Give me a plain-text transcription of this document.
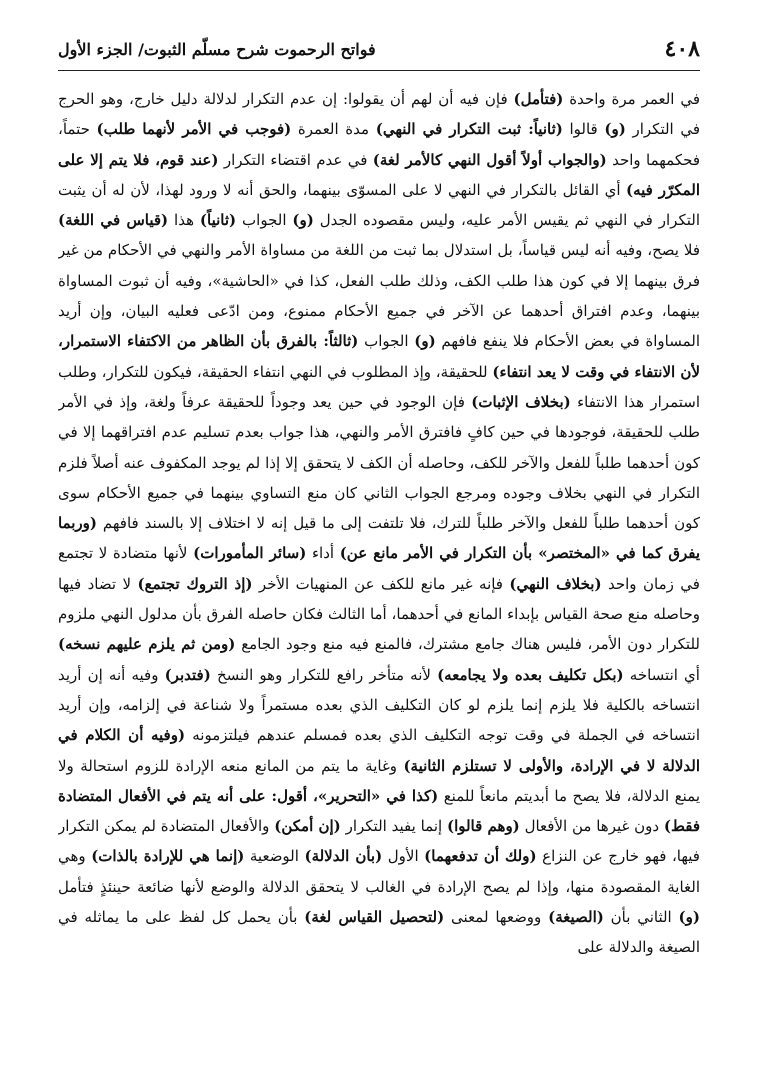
٤٠٨
فواتح الرحموت شرح مسلّم الثبوت/ الجزء الأول

في العمر مرة واحدة (فتأمل) فإن فيه أن لهم أن يقولوا: إن عدم التكرار لدلالة دليل خارج، وهو الحرج في التكرار (و) قالوا (ثانياً: ثبت التكرار في النهي) مدة العمرة (فوجب في الأمر لأنهما طلب) حتماً، فحكمهما واحد (والجواب أولاً أقول النهي كالأمر لغة) في عدم اقتضاء التكرار (عند قوم، فلا يتم إلا على المكرّر فيه) أي القائل بالتكرار في النهي لا على المسوّى بينهما، والحق أنه لا ورود لهذا، لأن له أن يثبت التكرار في النهي ثم يقيس الأمر عليه، وليس مقصوده الجدل (و) الجواب (ثانياً) هذا (قياس في اللغة) فلا يصح، وفيه أنه ليس قياساً، بل استدلال بما ثبت من اللغة من مساواة الأمر والنهي في الأحكام من غير فرق بينهما إلا في كون هذا طلب الكف، وذلك طلب الفعل، كذا في «الحاشية»، وفيه أن ثبوت المساواة بينهما، وعدم افتراق أحدهما عن الآخر في جميع الأحكام ممنوع، ومن ادّعى فعليه البيان، وإن أريد المساواة في بعض الأحكام فلا ينفع فافهم (و) الجواب (ثالثاً: بالفرق بأن الظاهر من الاكتفاء الاستمرار، لأن الانتفاء في وقت لا يعد انتفاء) للحقيقة، وإذ المطلوب في النهي انتفاء الحقيقة، فيكون للتكرار، وطلب استمرار هذا الانتفاء (بخلاف الإثبات) فإن الوجود في حين يعد وجوداً للحقيقة عرفاً ولغة، وإذ في الأمر طلب للحقيقة، فوجودها في حين كافٍ فافترق الأمر والنهي، هذا جواب بعدم تسليم عدم افتراقهما إلا في كون أحدهما طلباً للفعل والآخر للكف، وحاصله أن الكف لا يتحقق إلا إذا لم يوجد المكفوف عنه أصلاً فلزم التكرار في النهي بخلاف وجوده ومرجع الجواب الثاني كان منع التساوي بينهما في جميع الأحكام سوى كون أحدهما طلباً للفعل والآخر طلباً للترك، فلا تلتفت إلى ما قيل إنه لا اختلاف إلا بالسند فافهم (وربما يفرق كما في «المختصر» بأن التكرار في الأمر مانع عن) أداء (سائر المأمورات) لأنها متضادة لا تجتمع في زمان واحد (بخلاف النهي) فإنه غير مانع للكف عن المنهيات الأخر (إذ التروك تجتمع) لا تضاد فيها وحاصله منع صحة القياس بإبداء المانع في أحدهما، أما الثالث فكان حاصله الفرق بأن مدلول النهي ملزوم للتكرار دون الأمر، فليس هناك جامع مشترك، فالمنع فيه منع وجود الجامع (ومن ثم يلزم عليهم نسخه) أي انتساخه (بكل تكليف بعده ولا يجامعه) لأنه متأخر رافع للتكرار وهو النسخ (فتدبر) وفيه أنه إن أريد انتساخه بالكلية فلا يلزم إنما يلزم لو كان التكليف الذي بعده مستمراً ولا شناعة في إلزامه، وإن أريد انتساخه في الجملة في وقت توجه التكليف الذي بعده فمسلم عندهم فيلتزمونه (وفيه أن الكلام في الدلالة لا في الإرادة، والأولى لا تستلزم الثانية) وغاية ما يتم من المانع منعه الإرادة للزوم استحالة ولا يمنع الدلالة، فلا يصح ما أبديتم مانعاً للمنع (كذا في «التحرير»، أقول: على أنه يتم في الأفعال المتضادة فقط) دون غيرها من الأفعال (وهم قالوا) إنما يفيد التكرار (إن أمكن) والأفعال المتضادة لم يمكن التكرار فيها، فهو خارج عن النزاع (ولك أن تدفعهما) الأول (بأن الدلالة) الوضعية (إنما هي للإرادة بالذات) وهي الغاية المقصودة منها، وإذا لم يصح الإرادة في الغالب لا يتحقق الدلالة والوضع لأنها ضائعة حينئذٍ فتأمل (و) الثاني بأن (الصيغة) ووضعها لمعنى (لتحصيل القياس لغة) بأن يحمل كل لفظ على ما يماثله في الصيغة والدلالة على
